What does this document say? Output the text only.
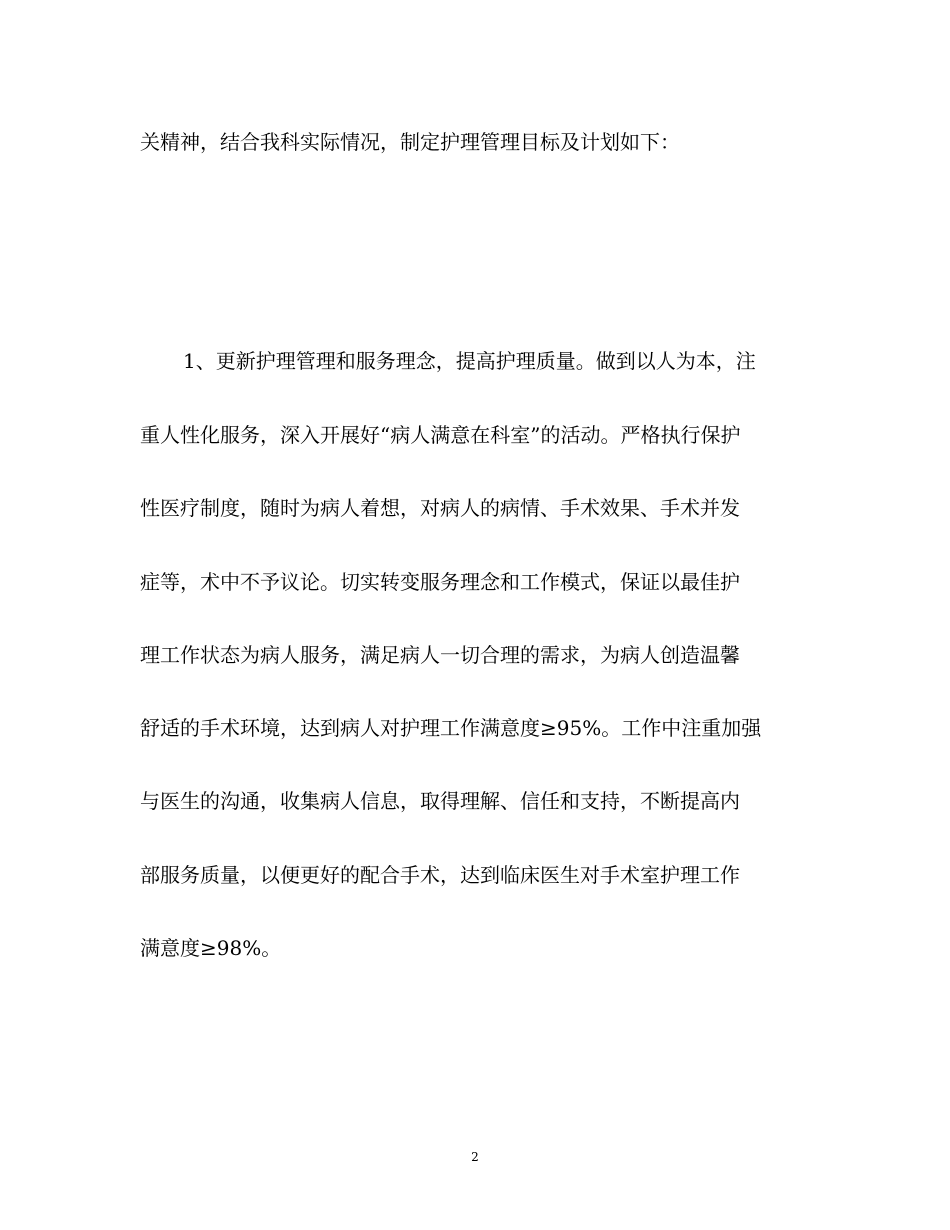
关精神，结合我科实际情况，制定护理管理目标及计划如下：
1、更新护理管理和服务理念，提高护理质量。做到以人为本，注
重人性化服务，深入开展好“病人满意在科室”的活动。严格执行保护
性医疗制度，随时为病人着想，对病人的病情、手术效果、手术并发
症等，术中不予议论。切实转变服务理念和工作模式，保证以最佳护
理工作状态为病人服务，满足病人一切合理的需求，为病人创造温馨
舒适的手术环境，达到病人对护理工作满意度≥95%。工作中注重加强
与医生的沟通，收集病人信息，取得理解、信任和支持，不断提高内
部服务质量，以便更好的配合手术，达到临床医生对手术室护理工作
满意度≥98%。
2
